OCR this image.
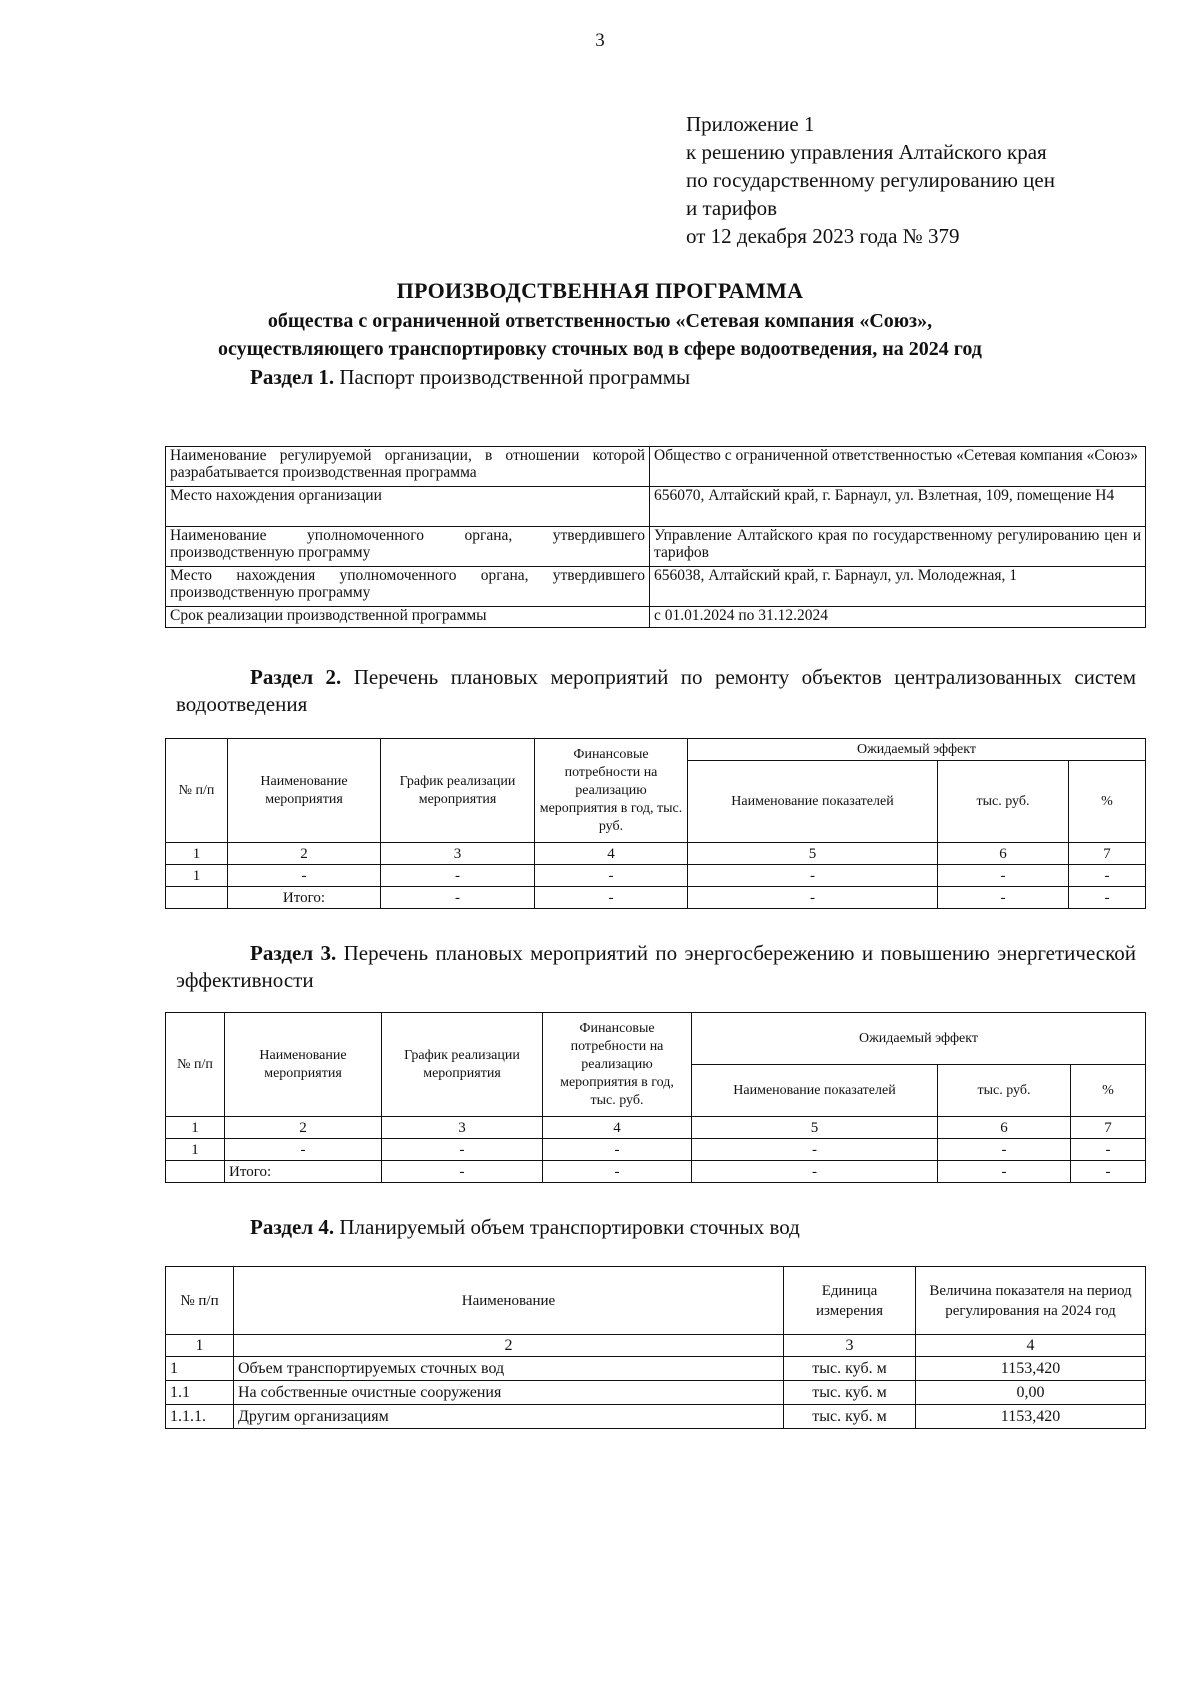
3
Приложение 1
к решению управления Алтайского края
по государственному регулированию цен
и тарифов
от 12 декабря 2023 года № 379
ПРОИЗВОДСТВЕННАЯ ПРОГРАММА
общества с ограниченной ответственностью «Сетевая компания «Союз»,
осуществляющего транспортировку сточных вод в сфере водоотведения, на 2024 год
Раздел 1. Паспорт производственной программы
Наименование регулируемой организации, в отношении которой разрабатывается производственная программа	Общество с ограниченной ответственностью «Сетевая компания «Союз»
Место нахождения организации	656070, Алтайский край, г. Барнаул, ул. Взлетная, 109, помещение Н4
Наименование уполномоченного органа, утвердившего производственную программу	Управление Алтайского края по государственному регулированию цен и тарифов
Место нахождения уполномоченного органа, утвердившего производственную программу	656038, Алтайский край, г. Барнаул, ул. Молодежная, 1
Срок реализации производственной программы	с 01.01.2024 по 31.12.2024
Раздел 2. Перечень плановых мероприятий по ремонту объектов централизованных систем водоотведения
№ п/п	Наименование мероприятия	График реализации мероприятия	Финансовые потребности на реализацию мероприятия в год, тыс. руб.	Ожидаемый эффект		
				Наименование показателей	тыс. руб.	%
1	2	3	4	5	6	7
1	-	-	-	-	-	-
	Итого:	-	-	-	-	-
Раздел 3. Перечень плановых мероприятий по энергосбережению и повышению энергетической эффективности
№ п/п	Наименование мероприятия	График реализации мероприятия	Финансовые потребности на реализацию мероприятия в год, тыс. руб.	Ожидаемый эффект		
				Наименование показателей	тыс. руб.	%
1	2	3	4	5	6	7
1	-	-	-	-	-	-
	Итого:	-	-	-	-	-
Раздел 4. Планируемый объем транспортировки сточных вод
№ п/п	Наименование	Единица измерения	Величина показателя на период регулирования на 2024 год
1	2	3	4
1	Объем транспортируемых сточных вод	тыс. куб. м	1153,420
1.1	На собственные очистные сооружения	тыс. куб. м	0,00
1.1.1.	Другим организациям	тыс. куб. м	1153,420
